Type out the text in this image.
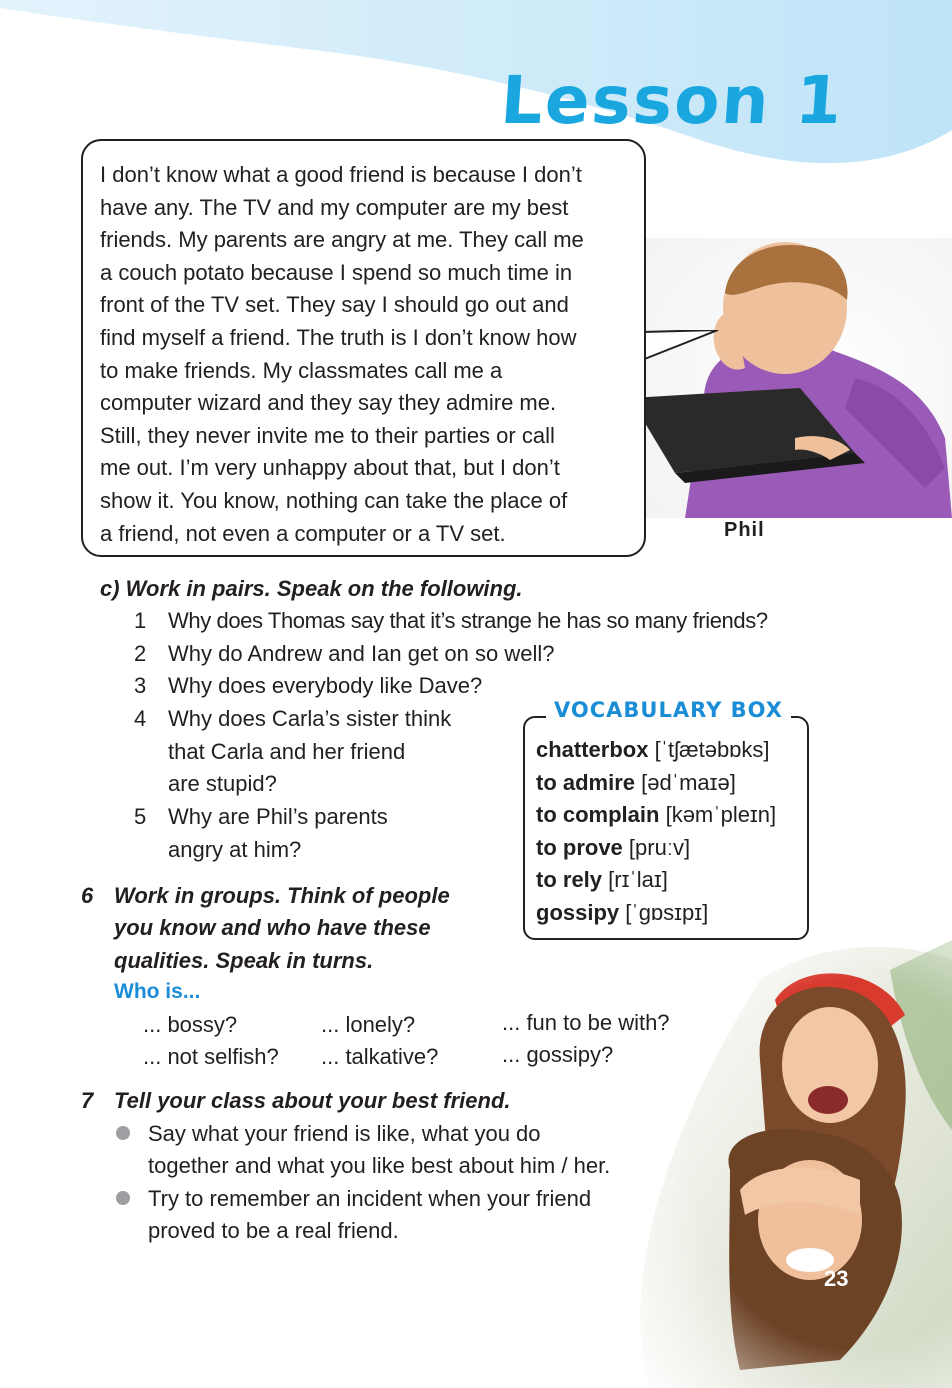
Lesson 1

I don’t know what a good friend is because I don’t

have any. The TV and my computer are my best

friends. My parents are angry at me. They call me

a couch potato because I spend so much time in

front of the TV set. They say I should go out and

find myself a friend. The truth is I don’t know how

to make friends. My classmates call me a

computer wizard and they say they admire me.

Still, they never invite me to their parties or call

me out. I’m very unhappy about that, but I don’t

show it. You know, nothing can take the place of

a friend, not even a computer or a TV set.	Phil
c) Work in pairs. Speak on the following.
1 Why does Thomas say that it’s strange he has so many friends?
2 Why do Andrew and Ian get on so well?
3 Why does everybody like Dave?
4 Why does Carla’s sister think
that Carla and her friend
are stupid?
5 Why are Phil’s parents
angry at him?
chatterbox [ˈtʃætəbɒks]
to admire [ədˈmaɪə]
to complain [kəmˈpleɪn]
to prove [pruːv]
to rely [rɪˈlaɪ]
gossipy [ˈɡɒsɪpɪ]
VOCABULARY BOX
6 Work in groups. Think of people
you know and who have these
qualities. Speak in turns.
Who is...
... bossy?	... lonely?	... fun to be with?
... not selfish? ... talkative?	... gossipy?
7 Tell your class about your best friend.
Say what your friend is like, what you do
together and what you like best about him / her.
Try to remember an incident when your friend
proved to be a real friend.
23
